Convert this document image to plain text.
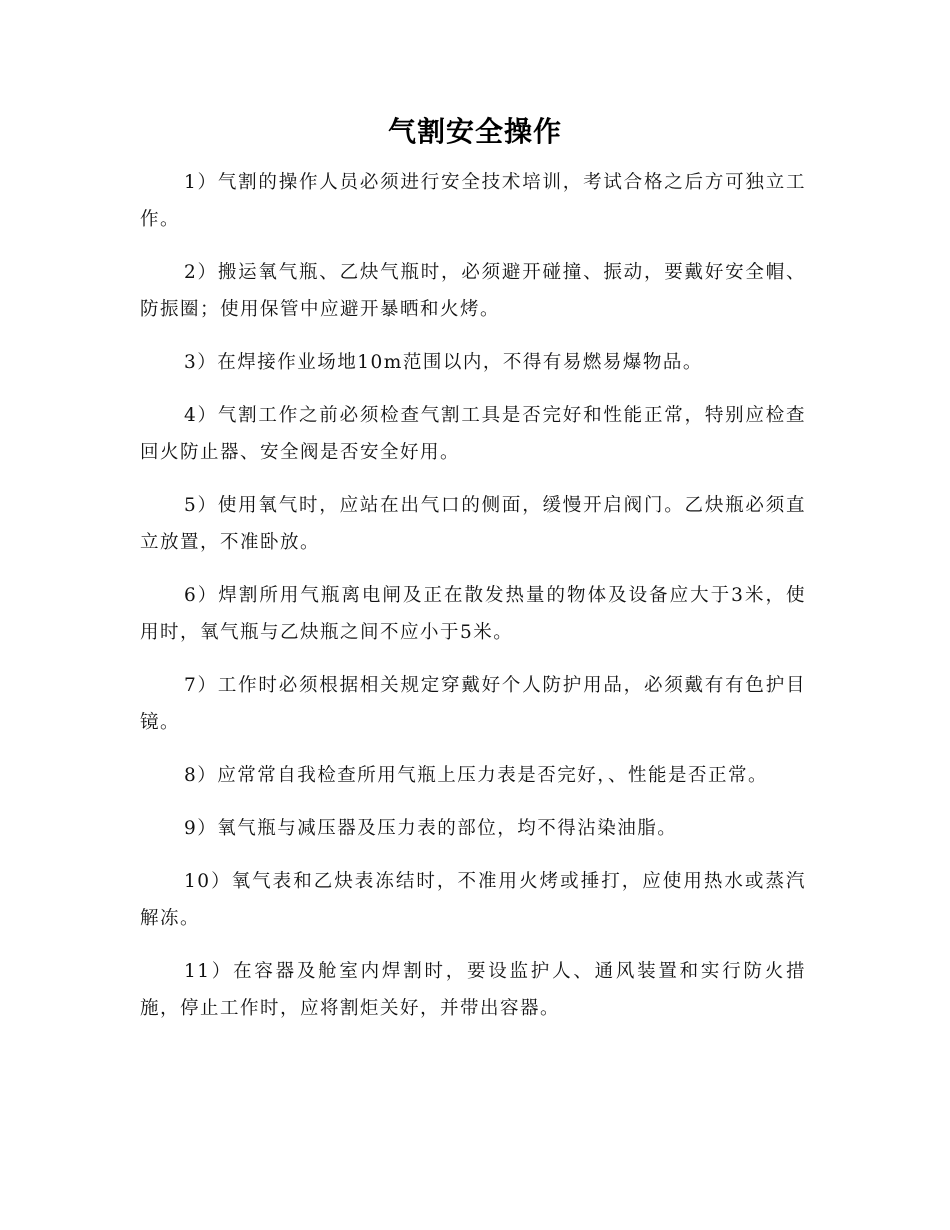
气割安全操作

1）气割的操作人员必须进行安全技术培训，考试合格之后方可独立工作。

2）搬运氧气瓶、乙炔气瓶时，必须避开碰撞、振动，要戴好安全帽、防振圈；使用保管中应避开暴晒和火烤。

3）在焊接作业场地10m范围以内，不得有易燃易爆物品。

4）气割工作之前必须检查气割工具是否完好和性能正常，特别应检查回火防止器、安全阀是否安全好用。

5）使用氧气时，应站在出气口的侧面，缓慢开启阀门。乙炔瓶必须直立放置，不准卧放。

6）焊割所用气瓶离电闸及正在散发热量的物体及设备应大于3米，使用时，氧气瓶与乙炔瓶之间不应小于5米。

7）工作时必须根据相关规定穿戴好个人防护用品，必须戴有有色护目镜。

8）应常常自我检查所用气瓶上压力表是否完好，、性能是否正常。

9）氧气瓶与减压器及压力表的部位，均不得沾染油脂。

10）氧气表和乙炔表冻结时，不准用火烤或捶打，应使用热水或蒸汽解冻。

11）在容器及舱室内焊割时，要设监护人、通风装置和实行防火措施，停止工作时，应将割炬关好，并带出容器。
